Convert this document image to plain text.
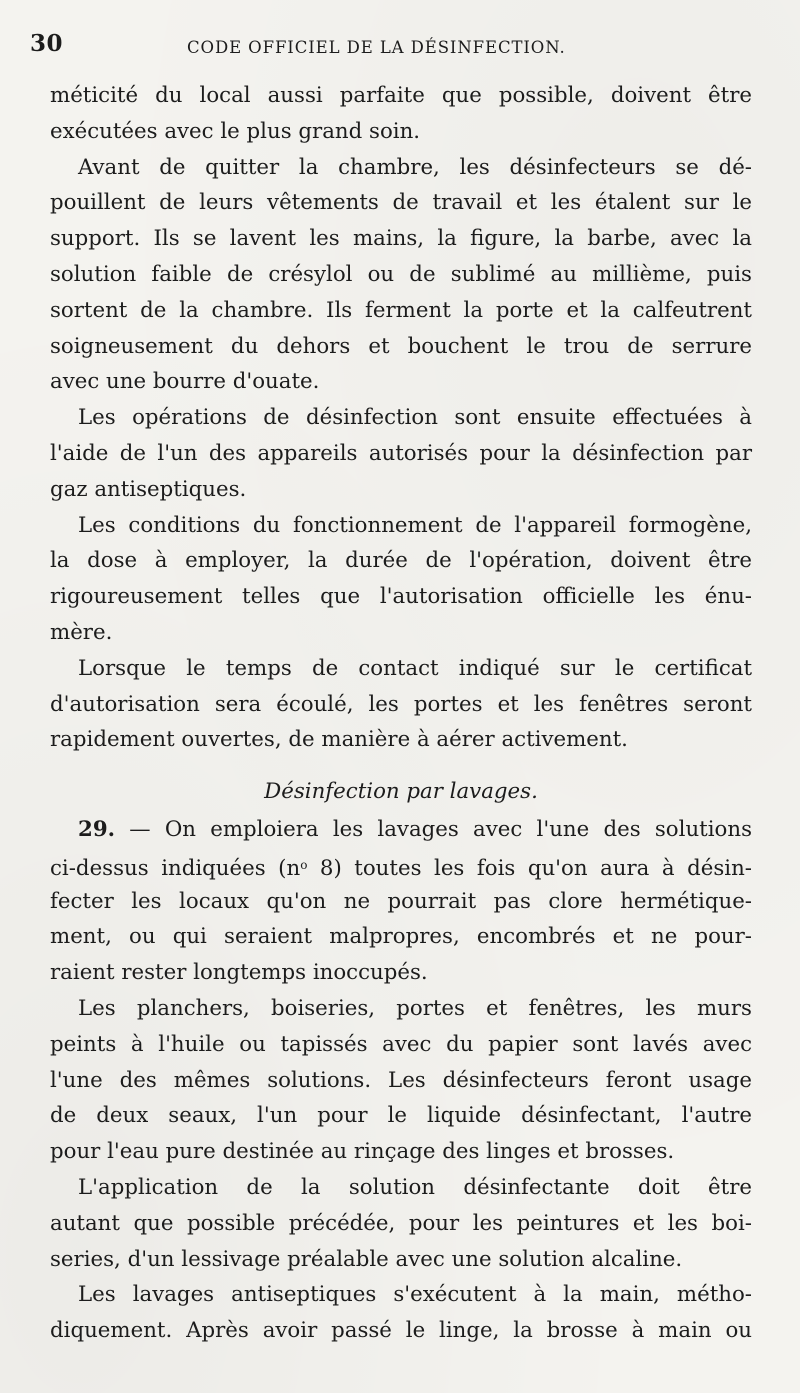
30	CODE OFFICIEL DE LA DÉSINFECTION.
méticité du local aussi parfaite que possible, doivent être
exécutées avec le plus grand soin.
Avant de quitter la chambre, les désinfecteurs se dé-
pouillent de leurs vêtements de travail et les étalent sur le
support. Ils se lavent les mains, la figure, la barbe, avec la
solution faible de crésylol ou de sublimé au millième, puis
sortent de la chambre. Ils ferment la porte et la calfeutrent
soigneusement du dehors et bouchent le trou de serrure
avec une bourre d'ouate.
Les opérations de désinfection sont ensuite effectuées à
l'aide de l'un des appareils autorisés pour la désinfection par
gaz antiseptiques.
Les conditions du fonctionnement de l'appareil formogène,
la dose à employer, la durée de l'opération, doivent être
rigoureusement telles que l'autorisation officielle les énu-
mère.
Lorsque le temps de contact indiqué sur le certificat
d'autorisation sera écoulé, les portes et les fenêtres seront
rapidement ouvertes, de manière à aérer activement.
Désinfection par lavages.
29. — On emploiera les lavages avec l'une des solutions
ci-dessus indiquées ($n^o$ 8) toutes les fois qu'on aura à désin-
fecter les locaux qu'on ne pourrait pas clore hermétique-
ment, ou qui seraient malpropres, encombrés et ne pour-
raient rester longtemps inoccupés.
Les planchers, boiseries, portes et fenêtres, les murs
peints à l'huile ou tapissés avec du papier sont lavés avec
l'une des mêmes solutions. Les désinfecteurs feront usage
de deux seaux, l'un pour le liquide désinfectant, l'autre
pour l'eau pure destinée au rinçage des linges et brosses.
L'application de la solution désinfectante doit être
autant que possible précédée, pour les peintures et les boi-
series, d'un lessivage préalable avec une solution alcaline.
Les lavages antiseptiques s'exécutent à la main, métho-
diquement. Après avoir passé le linge, la brosse à main ou
